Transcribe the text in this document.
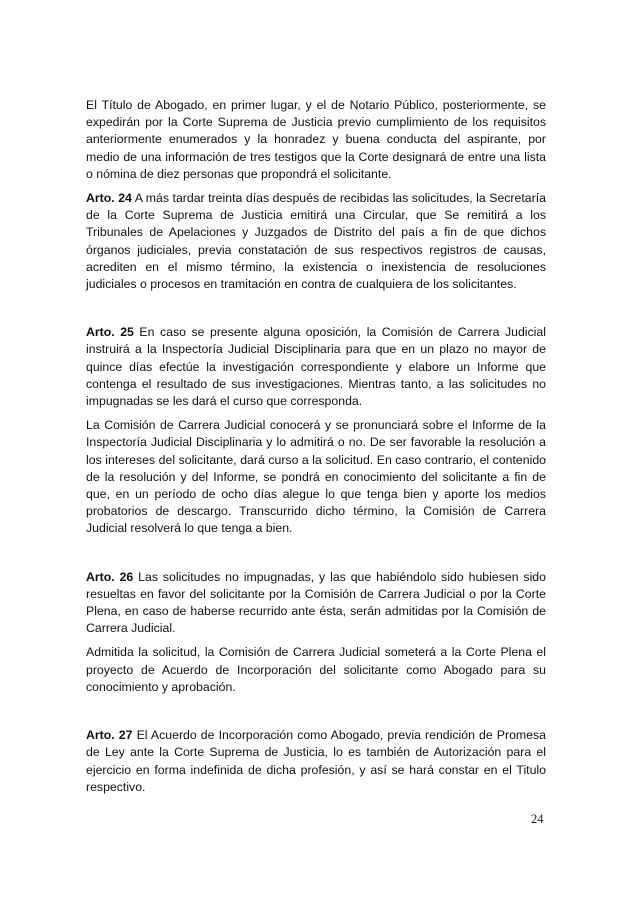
El Título de Abogado, en primer lugar, y el de Notario Público, posteriormente, se expedirán por la Corte Suprema de Justicia previo cumplimiento de los requisitos anteriormente enumerados y la honradez y buena conducta del aspirante, por medio de una información de tres testigos que la Corte designará de entre una lista o nómina de diez personas que propondrá el solicitante.

Arto. 24 A más tardar treinta días después de recibidas las solicitudes, la Secretaría de la Corte Suprema de Justicia emitirá una Circular, que Se remitirá a los Tribunales de Apelaciones y Juzgados de Distrito del país a fin de que dichos órganos judiciales, previa constatación de sus respectivos registros de causas, acrediten en el mismo término, la existencia o inexistencia de resoluciones judiciales o procesos en tramitación en contra de cualquiera de los solicitantes.

Arto. 25 En caso se presente alguna oposición, la Comisión de Carrera Judicial instruirá a la Inspectoría Judicial Disciplinaria para que en un plazo no mayor de quince días efectúe la investigación correspondiente y elabore un Informe que contenga el resultado de sus investigaciones. Mientras tanto, a las solicitudes no impugnadas se les dará el curso que corresponda.

La Comisión de Carrera Judicial conocerá y se pronunciará sobre el Informe de la Inspectoría Judicial Disciplinaria y lo admitirá o no. De ser favorable la resolución a los intereses del solicitante, dará curso a la solicitud. En caso contrario, el contenido de la resolución y del Informe, se pondrá en conocimiento del solicitante a fin de que, en un período de ocho días alegue lo que tenga bien y aporte los medios probatorios de descargo. Transcurrido dicho término, la Comisión de Carrera Judicial resolverá lo que tenga a bien.

Arto. 26 Las solicitudes no impugnadas, y las que habiéndolo sido hubiesen sido resueltas en favor del solicitante por la Comisión de Carrera Judicial o por la Corte Plena, en caso de haberse recurrido ante ésta, serán admitidas por la Comisión de Carrera Judicial.

Admitida la solicitud, la Comisión de Carrera Judicial someterá a la Corte Plena el proyecto de Acuerdo de Incorporación del solicitante como Abogado para su conocimiento y aprobación.

Arto. 27 El Acuerdo de Incorporación como Abogado, previa rendición de Promesa de Ley ante la Corte Suprema de Justicia, lo es también de Autorización para el ejercicio en forma indefinida de dicha profesión, y así se hará constar en el Titulo respectivo.

24
